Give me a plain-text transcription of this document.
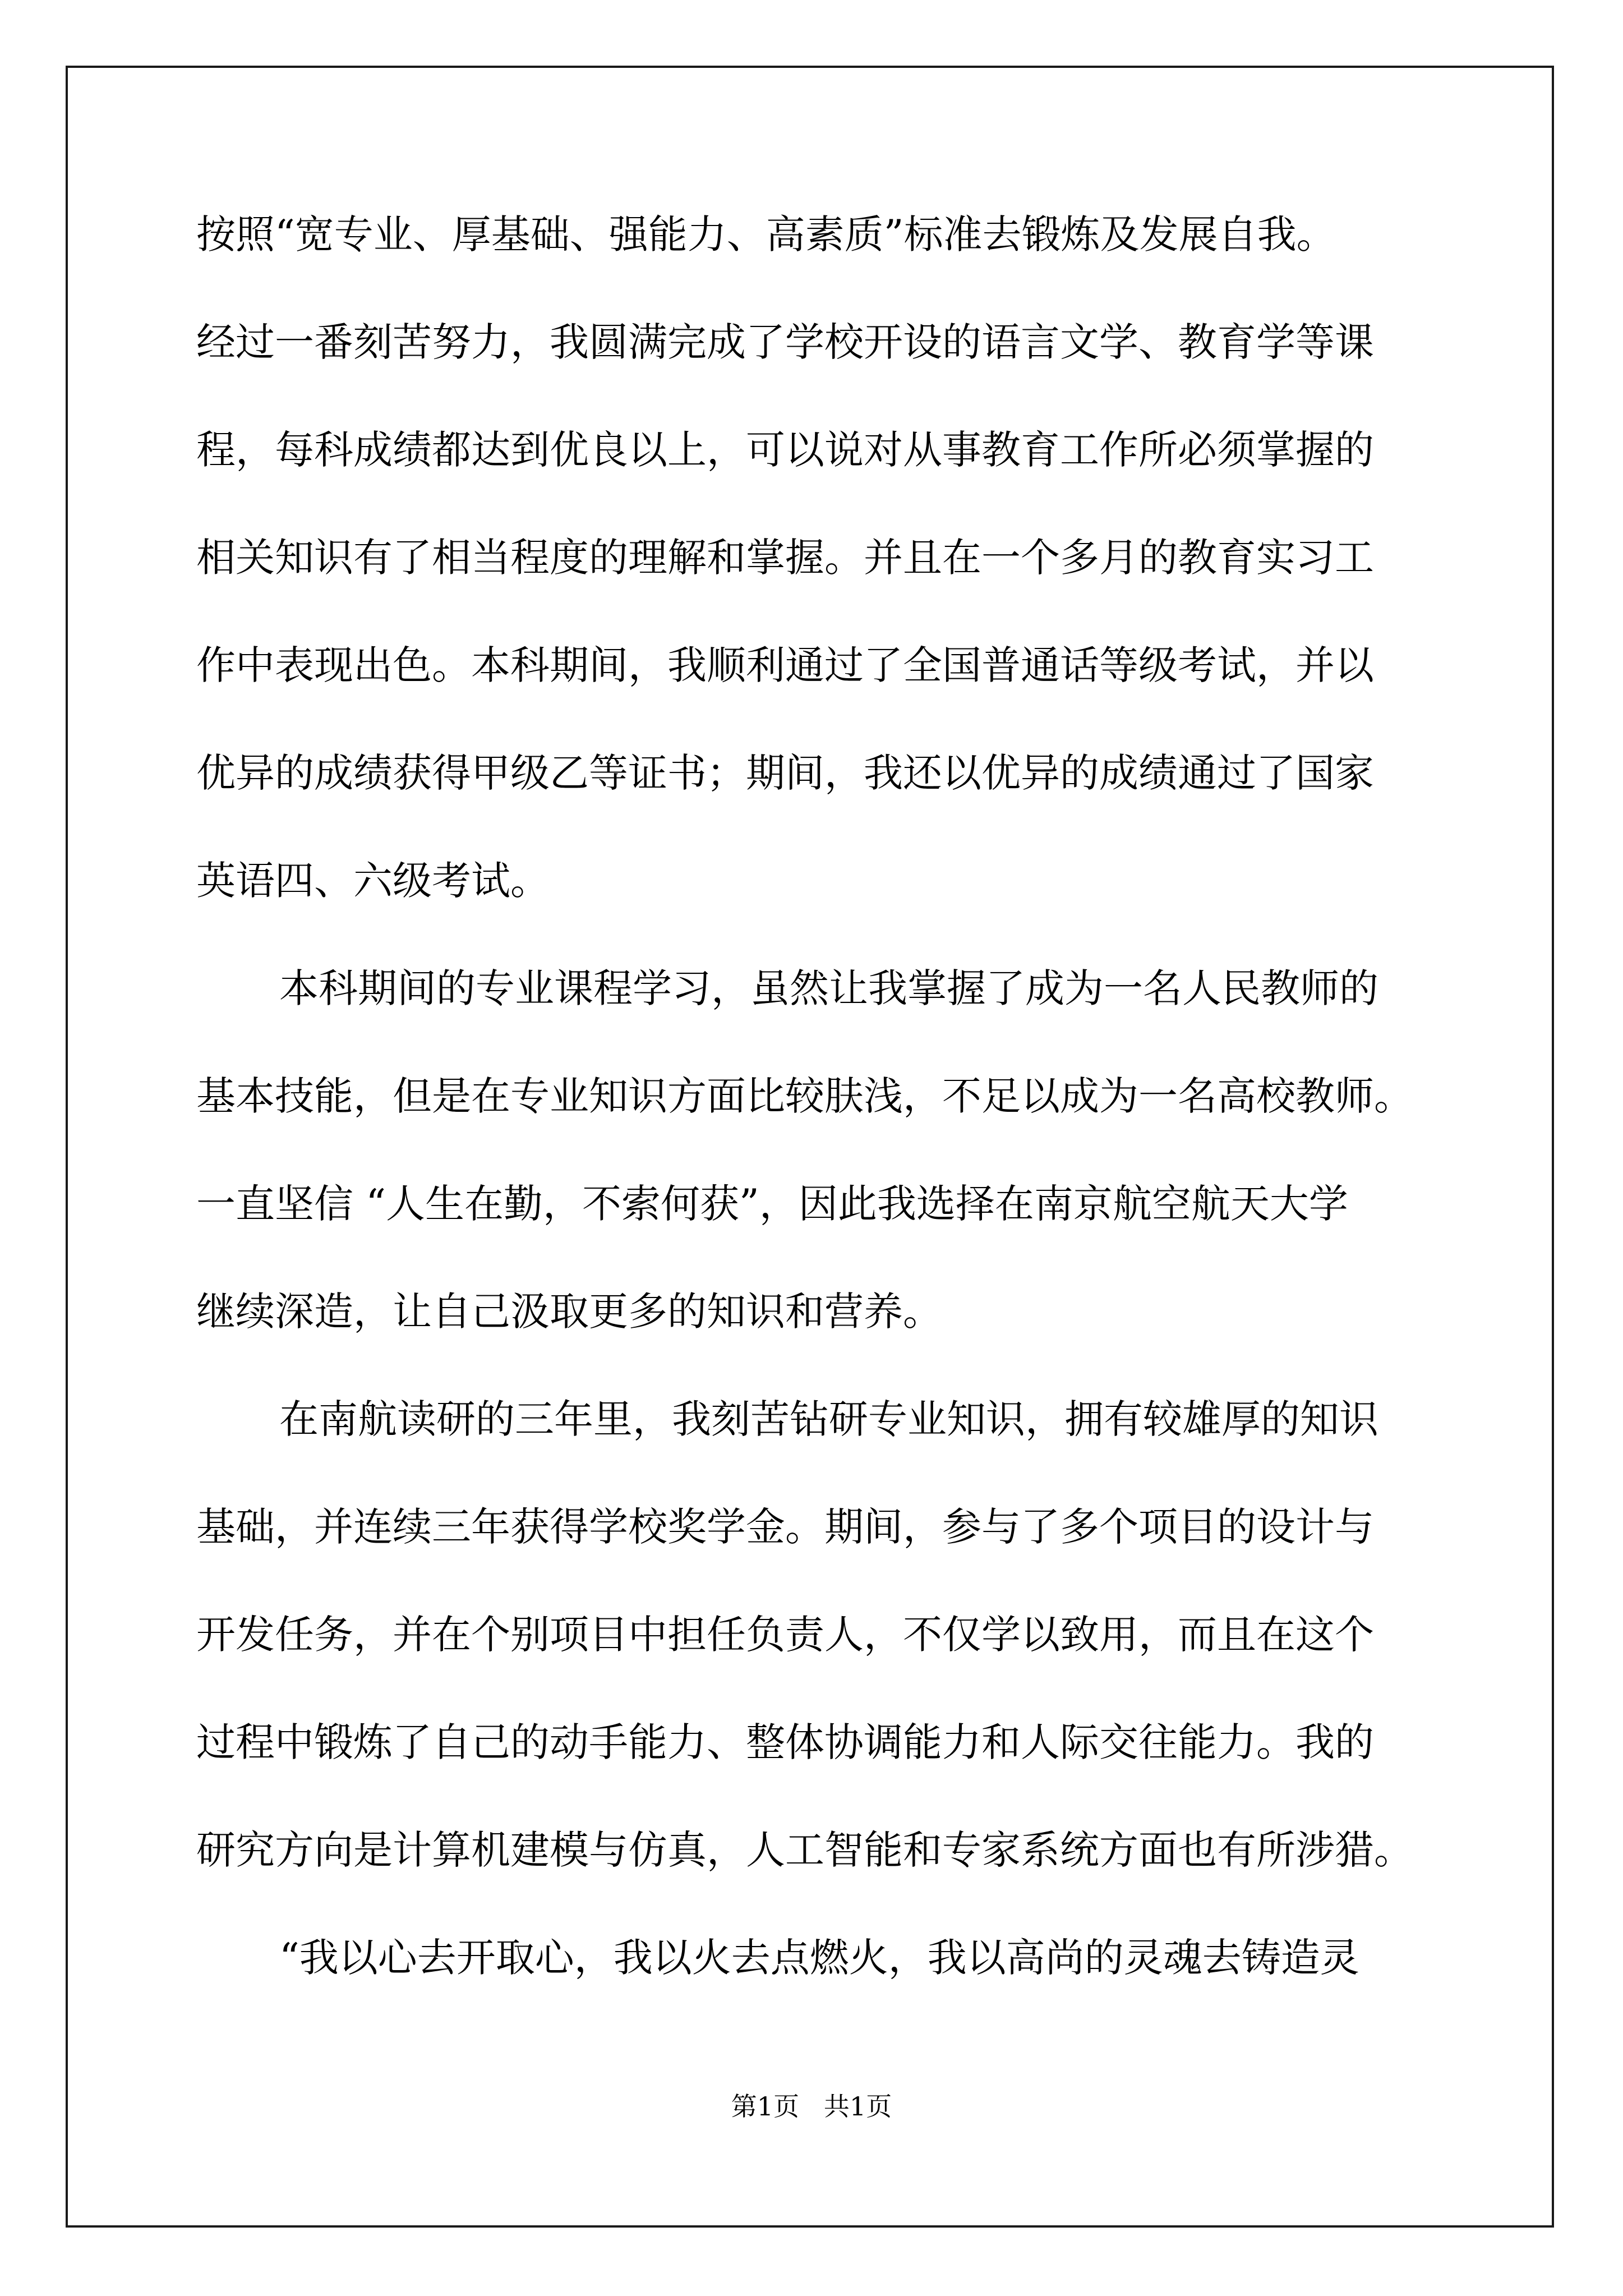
按照“宽专业、厚基础、强能力、高素质”标准去锻炼及发展自我。

经过一番刻苦努力，我圆满完成了学校开设的语言文学、教育学等课

程，每科成绩都达到优良以上，可以说对从事教育工作所必须掌握的

相关知识有了相当程度的理解和掌握。并且在一个多月的教育实习工

作中表现出色。本科期间，我顺利通过了全国普通话等级考试，并以

优异的成绩获得甲级乙等证书；期间，我还以优异的成绩通过了国家

英语四、六级考试。

本科期间的专业课程学习，虽然让我掌握了成为一名人民教师的

基本技能，但是在专业知识方面比较肤浅，不足以成为一名高校教师。

一直坚信 “人生在勤，不索何获”，因此我选择在南京航空航天大学

继续深造，让自己汲取更多的知识和营养。

在南航读研的三年里，我刻苦钻研专业知识，拥有较雄厚的知识

基础，并连续三年获得学校奖学金。期间，参与了多个项目的设计与

开发任务，并在个别项目中担任负责人，不仅学以致用，而且在这个

过程中锻炼了自己的动手能力、整体协调能力和人际交往能力。我的

研究方向是计算机建模与仿真，人工智能和专家系统方面也有所涉猎。

“我以心去开取心，我以火去点燃火，我以高尚的灵魂去铸造灵

第1页   共1页
